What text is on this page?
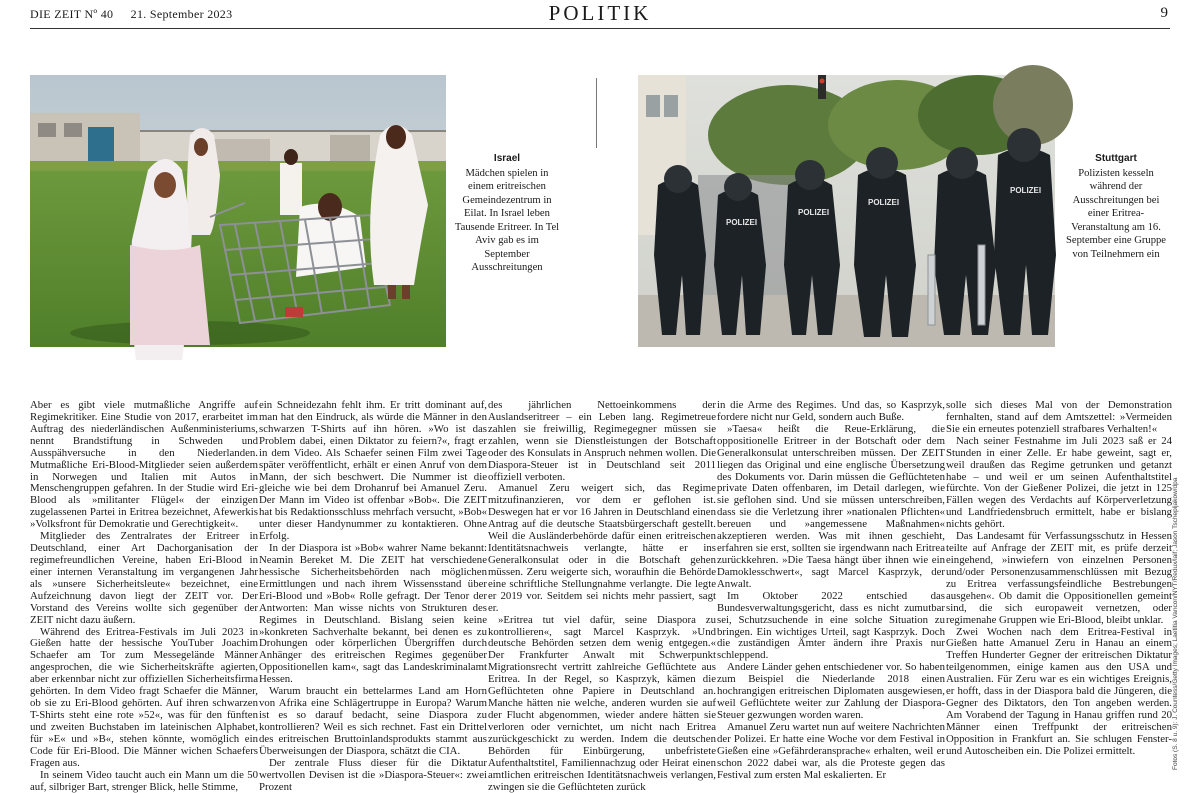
DIE ZEIT Nº 40 21. September 2023	POLITIK	9
Israel
Mädchen spielen in einem eritreischen Gemeindezentrum in Eilat. In Israel leben Tausende Eritreer. In Tel Aviv gab es im September Ausschreitungen
POLIZEI
POLIZEI
POLIZEI
POLIZEI
Stuttgart
Polizisten kesseln während der Ausschreitungen bei einer Eritrea-Veranstaltung am 16. September eine Gruppe von Teilnehmern ein

Aber es gibt viele mutmaßliche Angriffe auf Regimekritiker. Eine Studie von 2017, erarbeitet im Auftrag des niederländischen Außenministeriums, nennt Brandstiftung in Schweden und Ausspähversuche in den Niederlanden. Mutmaßliche Eri-Blood-Mitglieder seien außerdem in Norwegen und Italien mit Autos in Menschengruppen gefahren. In der Studie wird Eri-Blood als »militanter Flügel« der einzigen zugelassenen Partei in Eritrea bezeichnet, Afewerkis »Volksfront für Demokratie und Gerechtigkeit«.

Mitglieder des Zentralrates der Eritreer in Deutschland, einer Art Dachorganisation der regimefreundlichen Vereine, haben Eri-Blood in einer internen Veranstaltung im vergangenen Jahr als »unsere Sicherheitsleute« bezeichnet, eine Aufzeichnung davon liegt der ZEIT vor. Der Vorstand des Vereins wollte sich gegenüber der ZEIT nicht dazu äußern.

Während des Eritrea-Festivals im Juli 2023 in Gießen hatte der hessische YouTuber Joachim Schaefer am Tor zum Messegelände Männer angesprochen, die wie Sicherheitskräfte agierten, aber erkennbar nicht zur offiziellen Sicherheitsfirma gehörten. In dem Video fragt Schaefer die Männer, ob sie zu Eri-Blood gehörten. Auf ihren schwarzen T-Shirts steht eine rote »52«, was für den fünften und zweiten Buchstaben im lateinischen Alphabet, für »E« und »B«, stehen könnte, womöglich ein Code für Eri-Blood. Die Männer wichen Schaefers Fragen aus.

In seinem Video taucht auch ein Mann um die 50 auf, silbriger Bart, strenger Blick, helle Stimme,

ein Schneidezahn fehlt ihm. Er tritt dominant auf, man hat den Eindruck, als würde die Männer in den schwarzen T-Shirts auf ihn hören. »Wo ist das Problem dabei, einen Diktator zu feiern?«, fragt er in dem Video. Als Schaefer seinen Film zwei Tage später veröffentlicht, erhält er einen Anruf von dem Mann, der sich beschwert. Die Nummer ist die gleiche wie bei dem Drohanruf bei Amanuel Zeru. Der Mann im Video ist offenbar »Bob«. Die ZEIT hat bis Redaktionsschluss mehrfach versucht, »Bob« unter dieser Handynummer zu kontaktieren. Ohne Erfolg.

In der Diaspora ist »Bob« wahrer Name bekannt: Neamin Bereket M. Die ZEIT hat verschiedene hessische Sicherheitsbehörden nach möglichen Ermittlungen und nach ihrem Wissensstand über Eri-Blood und »Bob« Rolle gefragt. Der Tenor der Antworten: Man wisse nichts von Strukturen des Regimes in Deutschland. Bislang seien keine »konkreten Sachverhalte bekannt, bei denen es zu Drohungen oder körperlichen Übergriffen durch Anhänger des eritreischen Regimes gegenüber Oppositionellen kam«, sagt das Landeskriminalamt Hessen.

Warum braucht ein bettelarmes Land am Horn von Afrika eine Schlägertruppe in Europa? Warum ist es so darauf bedacht, seine Diaspora zu kontrollieren? Weil es sich rechnet. Fast ein Drittel des eritreischen Bruttoinlandsprodukts stammt aus Überweisungen der Diaspora, schätzt die CIA.

Der zentrale Fluss dieser für die Diktatur wertvollen Devisen ist die »Diaspora-Steuer«: zwei Prozent

des jährlichen Nettoeinkommens der Auslandseritreer – ein Leben lang. Regimetreue zahlen sie freiwillig, Regimegegner müssen sie zahlen, wenn sie Dienstleistungen der Botschaft oder des Konsulats in Anspruch nehmen wollen. Die Diaspora-Steuer ist in Deutschland seit 2011 offiziell verboten.

Amanuel Zeru weigert sich, das Regime mitzufinanzieren, vor dem er geflohen ist. Deswegen hat er vor 16 Jahren in Deutschland einen Antrag auf die deutsche Staatsbürgerschaft gestellt. Weil die Ausländerbehörde dafür einen eritreischen Identitätsnachweis verlangte, hätte er ins Generalkonsulat oder in die Botschaft gehen müssen. Zeru weigerte sich, woraufhin die Behörde eine schriftliche Stellungnahme verlangte. Die legte er 2019 vor. Seitdem sei nichts mehr passiert, sagt er.

»Eritrea tut viel dafür, seine Diaspora zu kontrollieren«, sagt Marcel Kasprzyk. »Und deutsche Behörden setzen dem wenig entgegen.« Der Frankfurter Anwalt mit Schwerpunkt Migrationsrecht vertritt zahlreiche Geflüchtete aus Eritrea. In der Regel, so Kasprzyk, kämen die Geflüchteten ohne Papiere in Deutschland an. Manche hätten nie welche, anderen wurden sie auf der Flucht abgenommen, wieder andere hätten sie verloren oder vernichtet, um nicht nach Eritrea zurückgeschickt zu werden. Indem die deutschen Behörden für Einbürgerung, unbefristete Aufenthaltstitel, Familiennachzug oder Heirat einen amtlichen eritreischen Identitätsnachweis verlangen, zwingen sie die Geflüchteten zurück

in die Arme des Regimes. Und das, so Kasprzyk, fordere nicht nur Geld, sondern auch Buße.

»Taesa« heißt die Reue-Erklärung, die oppositionelle Eritreer in der Botschaft oder dem Generalkonsulat unterschreiben müssen. Der ZEIT liegen das Original und eine englische Übersetzung des Dokuments vor. Darin müssen die Geflüchteten private Daten offenbaren, im Detail darlegen, wie sie geflohen sind. Und sie müssen unterschreiben, dass sie die Verletzung ihrer »nationalen Pflichten« bereuen und »angemessene Maßnahmen« akzeptieren werden. Was mit ihnen geschieht, erfahren sie erst, sollten sie irgendwann nach Eritrea zurückkehren. »Die Taesa hängt über ihnen wie ein Damoklesschwert«, sagt Marcel Kasprzyk, der Anwalt.

Im Oktober 2022 entschied das Bundesverwaltungsgericht, dass es nicht zumutbar sei, Schutzsuchende in eine solche Situation zu bringen. Ein wichtiges Urteil, sagt Kasprzyk. Doch die zuständigen Ämter ändern ihre Praxis nur schleppend.

Andere Länder gehen entschiedener vor. So haben zum Beispiel die Niederlande 2018 einen hochrangigen eritreischen Diplomaten ausgewiesen, weil Geflüchtete weiter zur Zahlung der Diaspora-Steuer gezwungen worden waren.

Amanuel Zeru wartet nun auf weitere Nachrichten der Polizei. Er hatte eine Woche vor dem Festival in Gießen eine »Gefährderansprache« erhalten, weil er schon 2022 dabei war, als die Proteste gegen das Festival zum ersten Mal eskalierten. Er

solle sich dieses Mal von der Demonstration fernhalten, stand auf dem Amtszettel: »Vermeiden Sie ein erneutes potenziell strafbares Verhalten!«

Nach seiner Festnahme im Juli 2023 saß er 24 Stunden in einer Zelle. Er habe geweint, sagt er, weil draußen das Regime getrunken und getanzt habe – und weil er um seinen Aufenthaltstitel fürchte. Von der Gießener Polizei, die jetzt in 125 Fällen wegen des Verdachts auf Körperverletzung und Landfriedensbruch ermittelt, habe er bislang nichts gehört.

Das Landesamt für Verfassungsschutz in Hessen teilte auf Anfrage der ZEIT mit, es prüfe derzeit eingehend, »inwiefern von einzelnen Personen und/oder Personenzusammenschlüssen mit Bezug zu Eritrea verfassungsfeindliche Bestrebungen ausgehen«. Ob damit die Oppositionellen gemeint sind, die sich europaweit vernetzen, oder regimenahe Gruppen wie Eri-Blood, bleibt unklar.

Zwei Wochen nach dem Eritrea-Festival in Gießen hatte Amanuel Zeru in Hanau an einem Treffen Hunderter Gegner der eritreischen Diktatur teilgenommen, einige kamen aus den USA und Australien. Für Zeru war es ein wichtiges Ereignis, er hofft, dass in der Diaspora bald die Jüngeren, die Gegner des Diktators, den Ton angeben werden. Am Vorabend der Tagung in Hanau griffen rund 20 Männer einen Treffpunkt der eritreischen Opposition in Frankfurt an. Sie schlugen Fenster- und Autoscheiben ein. Die Polizei ermittelt.	Fotos (S. 8 u. 9): J. Countess/Getty Images; Laetitia Vancon/NYT/Redux/laif; Jason Tschepljakow/dpa
